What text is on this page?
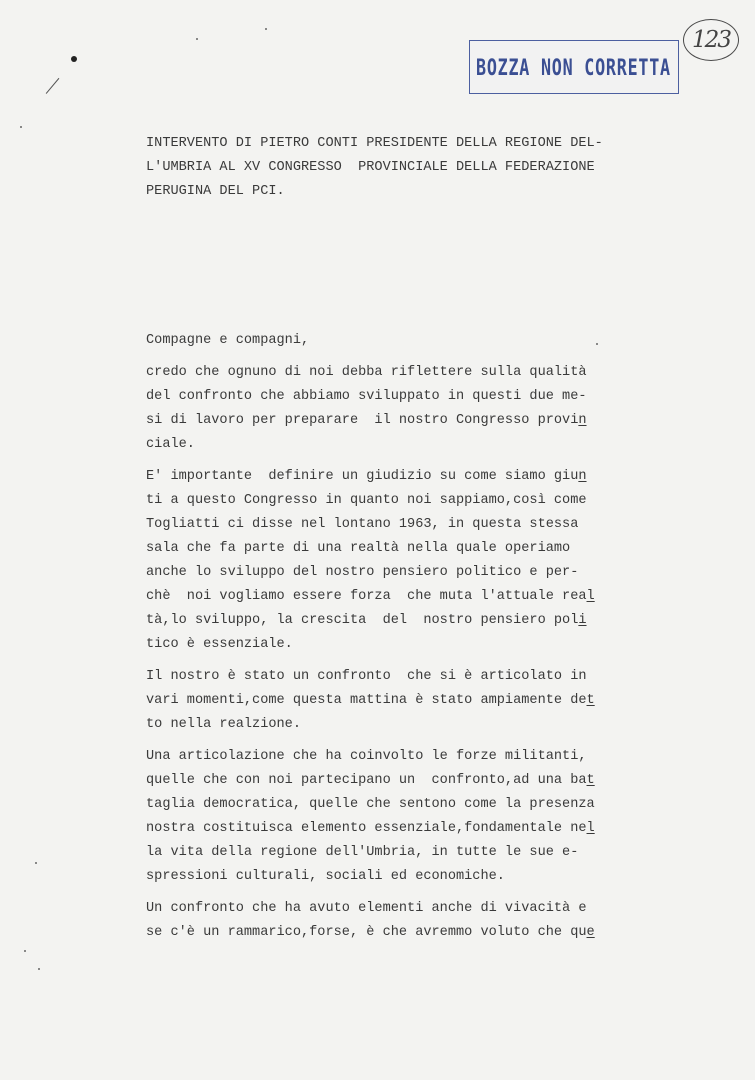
BOZZA NON CORRETTA
123
INTERVENTO DI PIETRO CONTI PRESIDENTE DELLA REGIONE DEL-
L'UMBRIA AL XV CONGRESSO  PROVINCIALE DELLA FEDERAZIONE
PERUGINA DEL PCI.
Compagne e compagni,
credo che ognuno di noi debba riflettere sulla qualità
del confronto che abbiamo sviluppato in questi due me-
si di lavoro per preparare  il nostro Congresso provin
ciale.
E' importante  definire un giudizio su come siamo giun
ti a questo Congresso in quanto noi sappiamo,così come
Togliatti ci disse nel lontano 1963, in questa stessa
sala che fa parte di una realtà nella quale operiamo
anche lo sviluppo del nostro pensiero politico e per-
chè  noi vogliamo essere forza  che muta l'attuale real
tà,lo sviluppo, la crescita  del  nostro pensiero poli
tico è essenziale.
Il nostro è stato un confronto  che si è articolato in
vari momenti,come questa mattina è stato ampiamente det
to nella realzione.
Una articolazione che ha coinvolto le forze militanti,
quelle che con noi partecipano un  confronto,ad una bat
taglia democratica, quelle che sentono come la presenza
nostra costituisca elemento essenziale,fondamentale nel
la vita della regione dell'Umbria, in tutte le sue e-
spressioni culturali, sociali ed economiche.
Un confronto che ha avuto elementi anche di vivacità e
se c'è un rammarico,forse, è che avremmo voluto che que
